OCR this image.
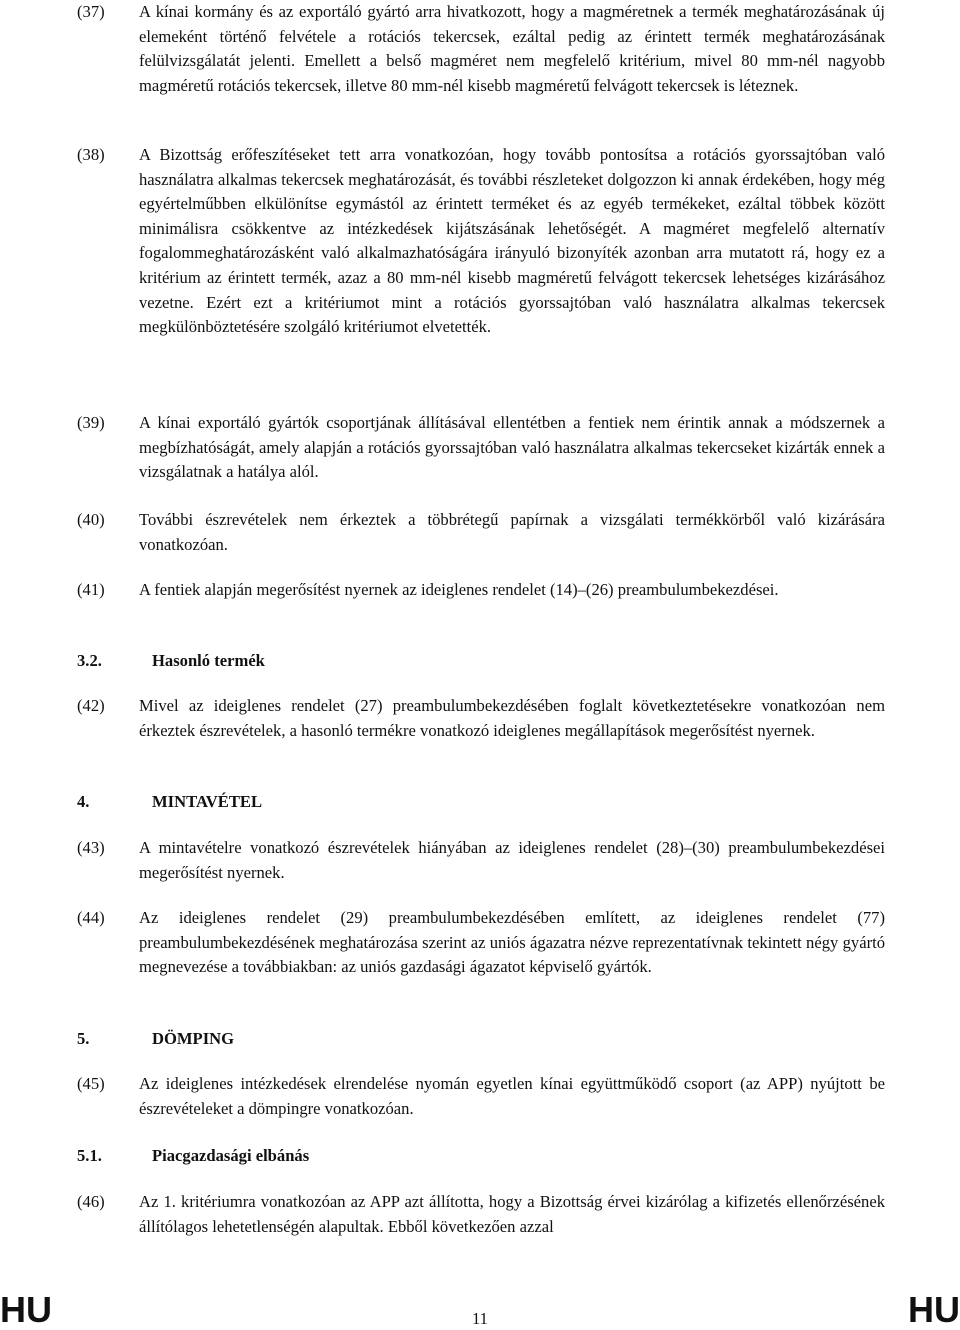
(37) A kínai kormány és az exportáló gyártó arra hivatkozott, hogy a magméretnek a termék meghatározásának új elemeként történő felvétele a rotációs tekercsek, ezáltal pedig az érintett termék meghatározásának felülvizsgálatát jelenti. Emellett a belső magméret nem megfelelő kritérium, mivel 80 mm-nél nagyobb magméretű rotációs tekercsek, illetve 80 mm-nél kisebb magméretű felvágott tekercsek is léteznek.
(38) A Bizottság erőfeszítéseket tett arra vonatkozóan, hogy tovább pontosítsa a rotációs gyorssajtóban való használatra alkalmas tekercsek meghatározását, és további részleteket dolgozzon ki annak érdekében, hogy még egyértelműbben elkülönítse egymástól az érintett terméket és az egyéb termékeket, ezáltal többek között minimálisra csökkentve az intézkedések kijátszásának lehetőségét. A magméret megfelelő alternatív fogalommeghatározásként való alkalmazhatóságára irányuló bizonyíték azonban arra mutatott rá, hogy ez a kritérium az érintett termék, azaz a 80 mm-nél kisebb magméretű felvágott tekercsek lehetséges kizárásához vezetne. Ezért ezt a kritériumot mint a rotációs gyorssajtóban való használatra alkalmas tekercsek megkülönböztetésére szolgáló kritériumot elvetették.
(39) A kínai exportáló gyártók csoportjának állításával ellentétben a fentiek nem érintik annak a módszernek a megbízhatóságát, amely alapján a rotációs gyorssajtóban való használatra alkalmas tekercseket kizárták ennek a vizsgálatnak a hatálya alól.
(40) További észrevételek nem érkeztek a többrétegű papírnak a vizsgálati termékkörből való kizárására vonatkozóan.
(41) A fentiek alapján megerősítést nyernek az ideiglenes rendelet (14)–(26) preambulumbekezdései.
3.2.	Hasonló termék
(42) Mivel az ideiglenes rendelet (27) preambulumbekezdésében foglalt következtetésekre vonatkozóan nem érkeztek észrevételek, a hasonló termékre vonatkozó ideiglenes megállapítások megerősítést nyernek.
4.	MINTAVÉTEL
(43) A mintavételre vonatkozó észrevételek hiányában az ideiglenes rendelet (28)–(30) preambulumbekezdései megerősítést nyernek.
(44) Az ideiglenes rendelet (29) preambulumbekezdésében említett, az ideiglenes rendelet (77) preambulumbekezdésének meghatározása szerint az uniós ágazatra nézve reprezentatívnak tekintett négy gyártó megnevezése a továbbiakban: az uniós gazdasági ágazatot képviselő gyártók.
5.	DÖMPING
(45) Az ideiglenes intézkedések elrendelése nyomán egyetlen kínai együttműködő csoport (az APP) nyújtott be észrevételeket a dömpingre vonatkozóan.
5.1.	Piacgazdasági elbánás
(46) Az 1. kritériumra vonatkozóan az APP azt állította, hogy a Bizottság érvei kizárólag a kifizetés ellenőrzésének állítólagos lehetetlenségén alapultak. Ebből következően azzal
HU	11	HU
